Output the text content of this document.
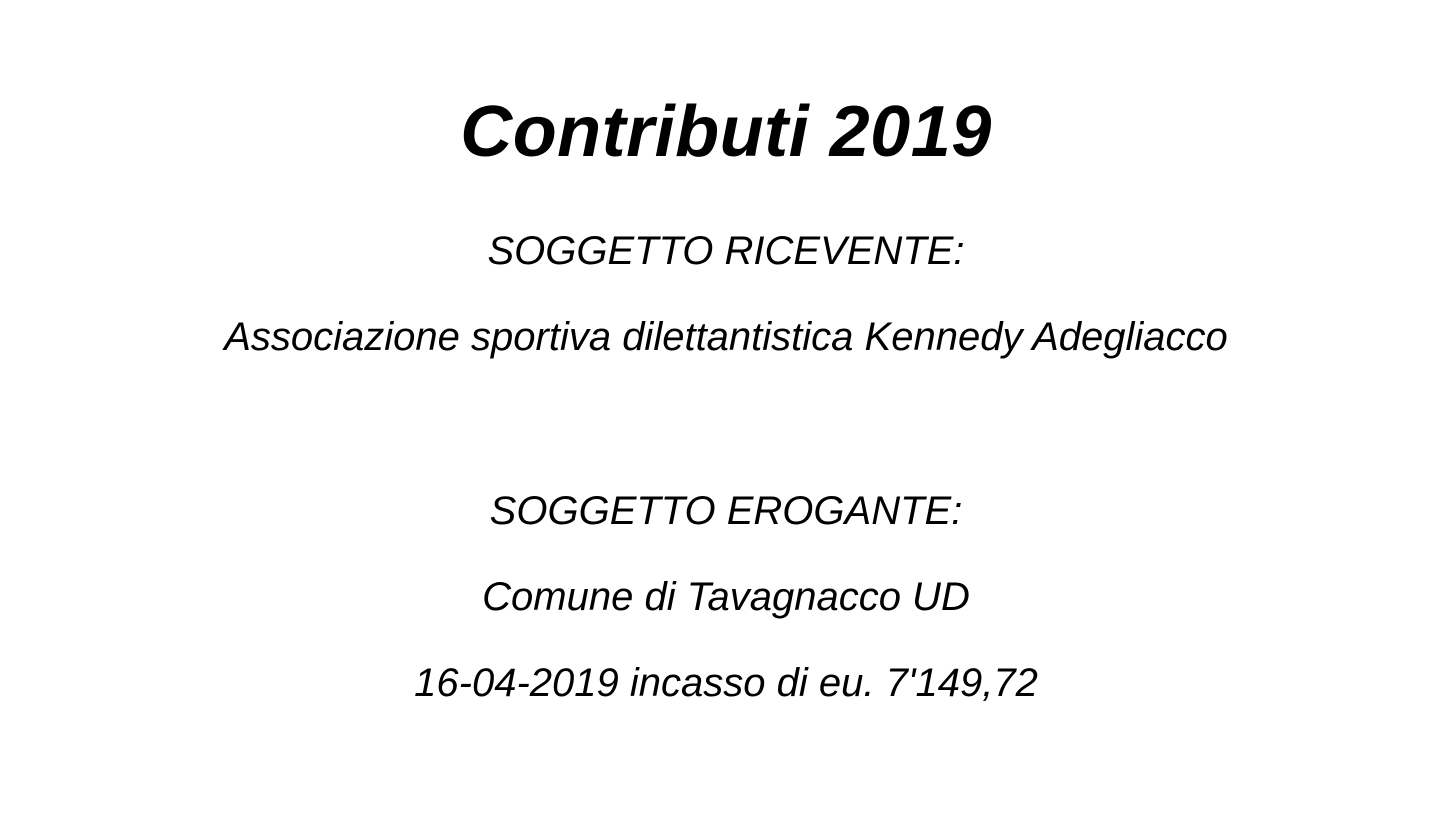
Contributi 2019
SOGGETTO RICEVENTE:
Associazione sportiva dilettantistica Kennedy Adegliacco
SOGGETTO EROGANTE:
Comune di Tavagnacco UD
16-04-2019 incasso di eu. 7'149,72
